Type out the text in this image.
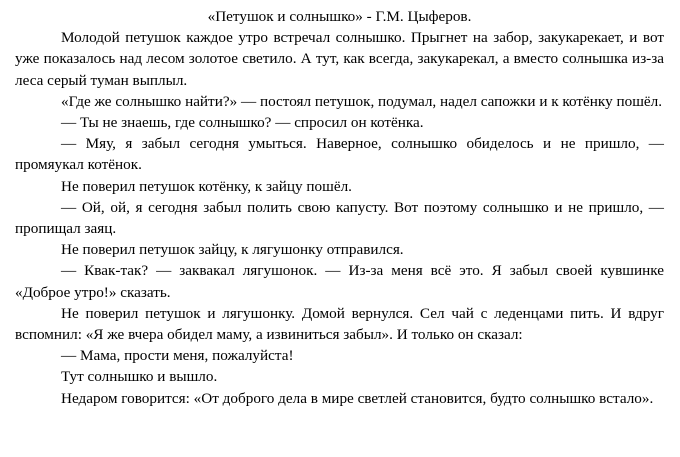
«Петушок и солнышко» - Г.М. Цыферов.

Молодой петушок каждое утро встречал солнышко. Прыгнет на забор, закукарекает, и вот уже показалось над лесом золотое светило. А тут, как всегда, закукарекал, а вместо солнышка из-за леса серый туман выплыл.

«Где же солнышко найти?» — постоял петушок, подумал, надел сапожки и к котёнку пошёл.

— Ты не знаешь, где солнышко? — спросил он котёнка.

— Мяу, я забыл сегодня умыться. Наверное, солнышко обиделось и не пришло, — промяукал котёнок.

Не поверил петушок котёнку, к зайцу пошёл.

— Ой, ой, я сегодня забыл полить свою капусту. Вот поэтому солнышко и не пришло, — пропищал заяц.

Не поверил петушок зайцу, к лягушонку отправился.

— Квак-так? — заквакал лягушонок. — Из-за меня всё это. Я забыл своей кувшинке «Доброе утро!» сказать.

Не поверил петушок и лягушонку. Домой вернулся. Сел чай с леденцами пить. И вдруг вспомнил: «Я же вчера обидел маму, а извиниться забыл». И только он сказал:

— Мама, прости меня, пожалуйста!

Тут солнышко и вышло.

Недаром говорится: «От доброго дела в мире светлей становится, будто солнышко встало».
